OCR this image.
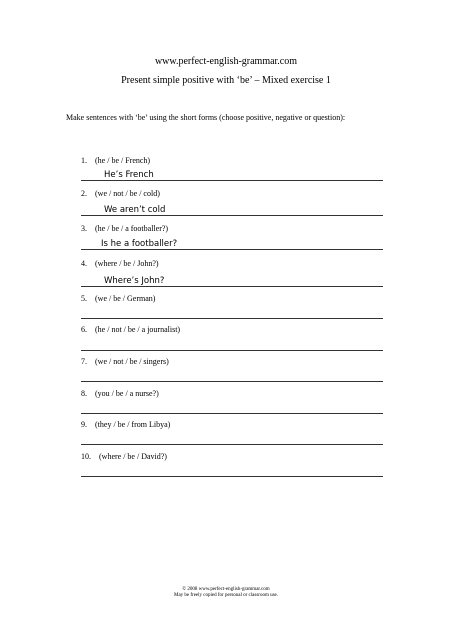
www.perfect-english-grammar.com
Present simple positive with ‘be’ – Mixed exercise 1
Make sentences with ‘be’ using the short forms (choose positive, negative or question):
1. (he / be / French)
He’s French
2. (we / not / be / cold)
We aren’t cold
3. (he / be / a footballer?)
Is he a footballer?
4. (where / be / John?)
Where’s John?
5. (we / be / German)
6. (he / not / be / a journalist)
7. (we / not / be / singers)
8. (you / be / a nurse?)
9. (they / be / from Libya)
10. (where / be / David?)
© 2008 www.perfect-english-grammar.com
May be freely copied for personal or classroom use.
